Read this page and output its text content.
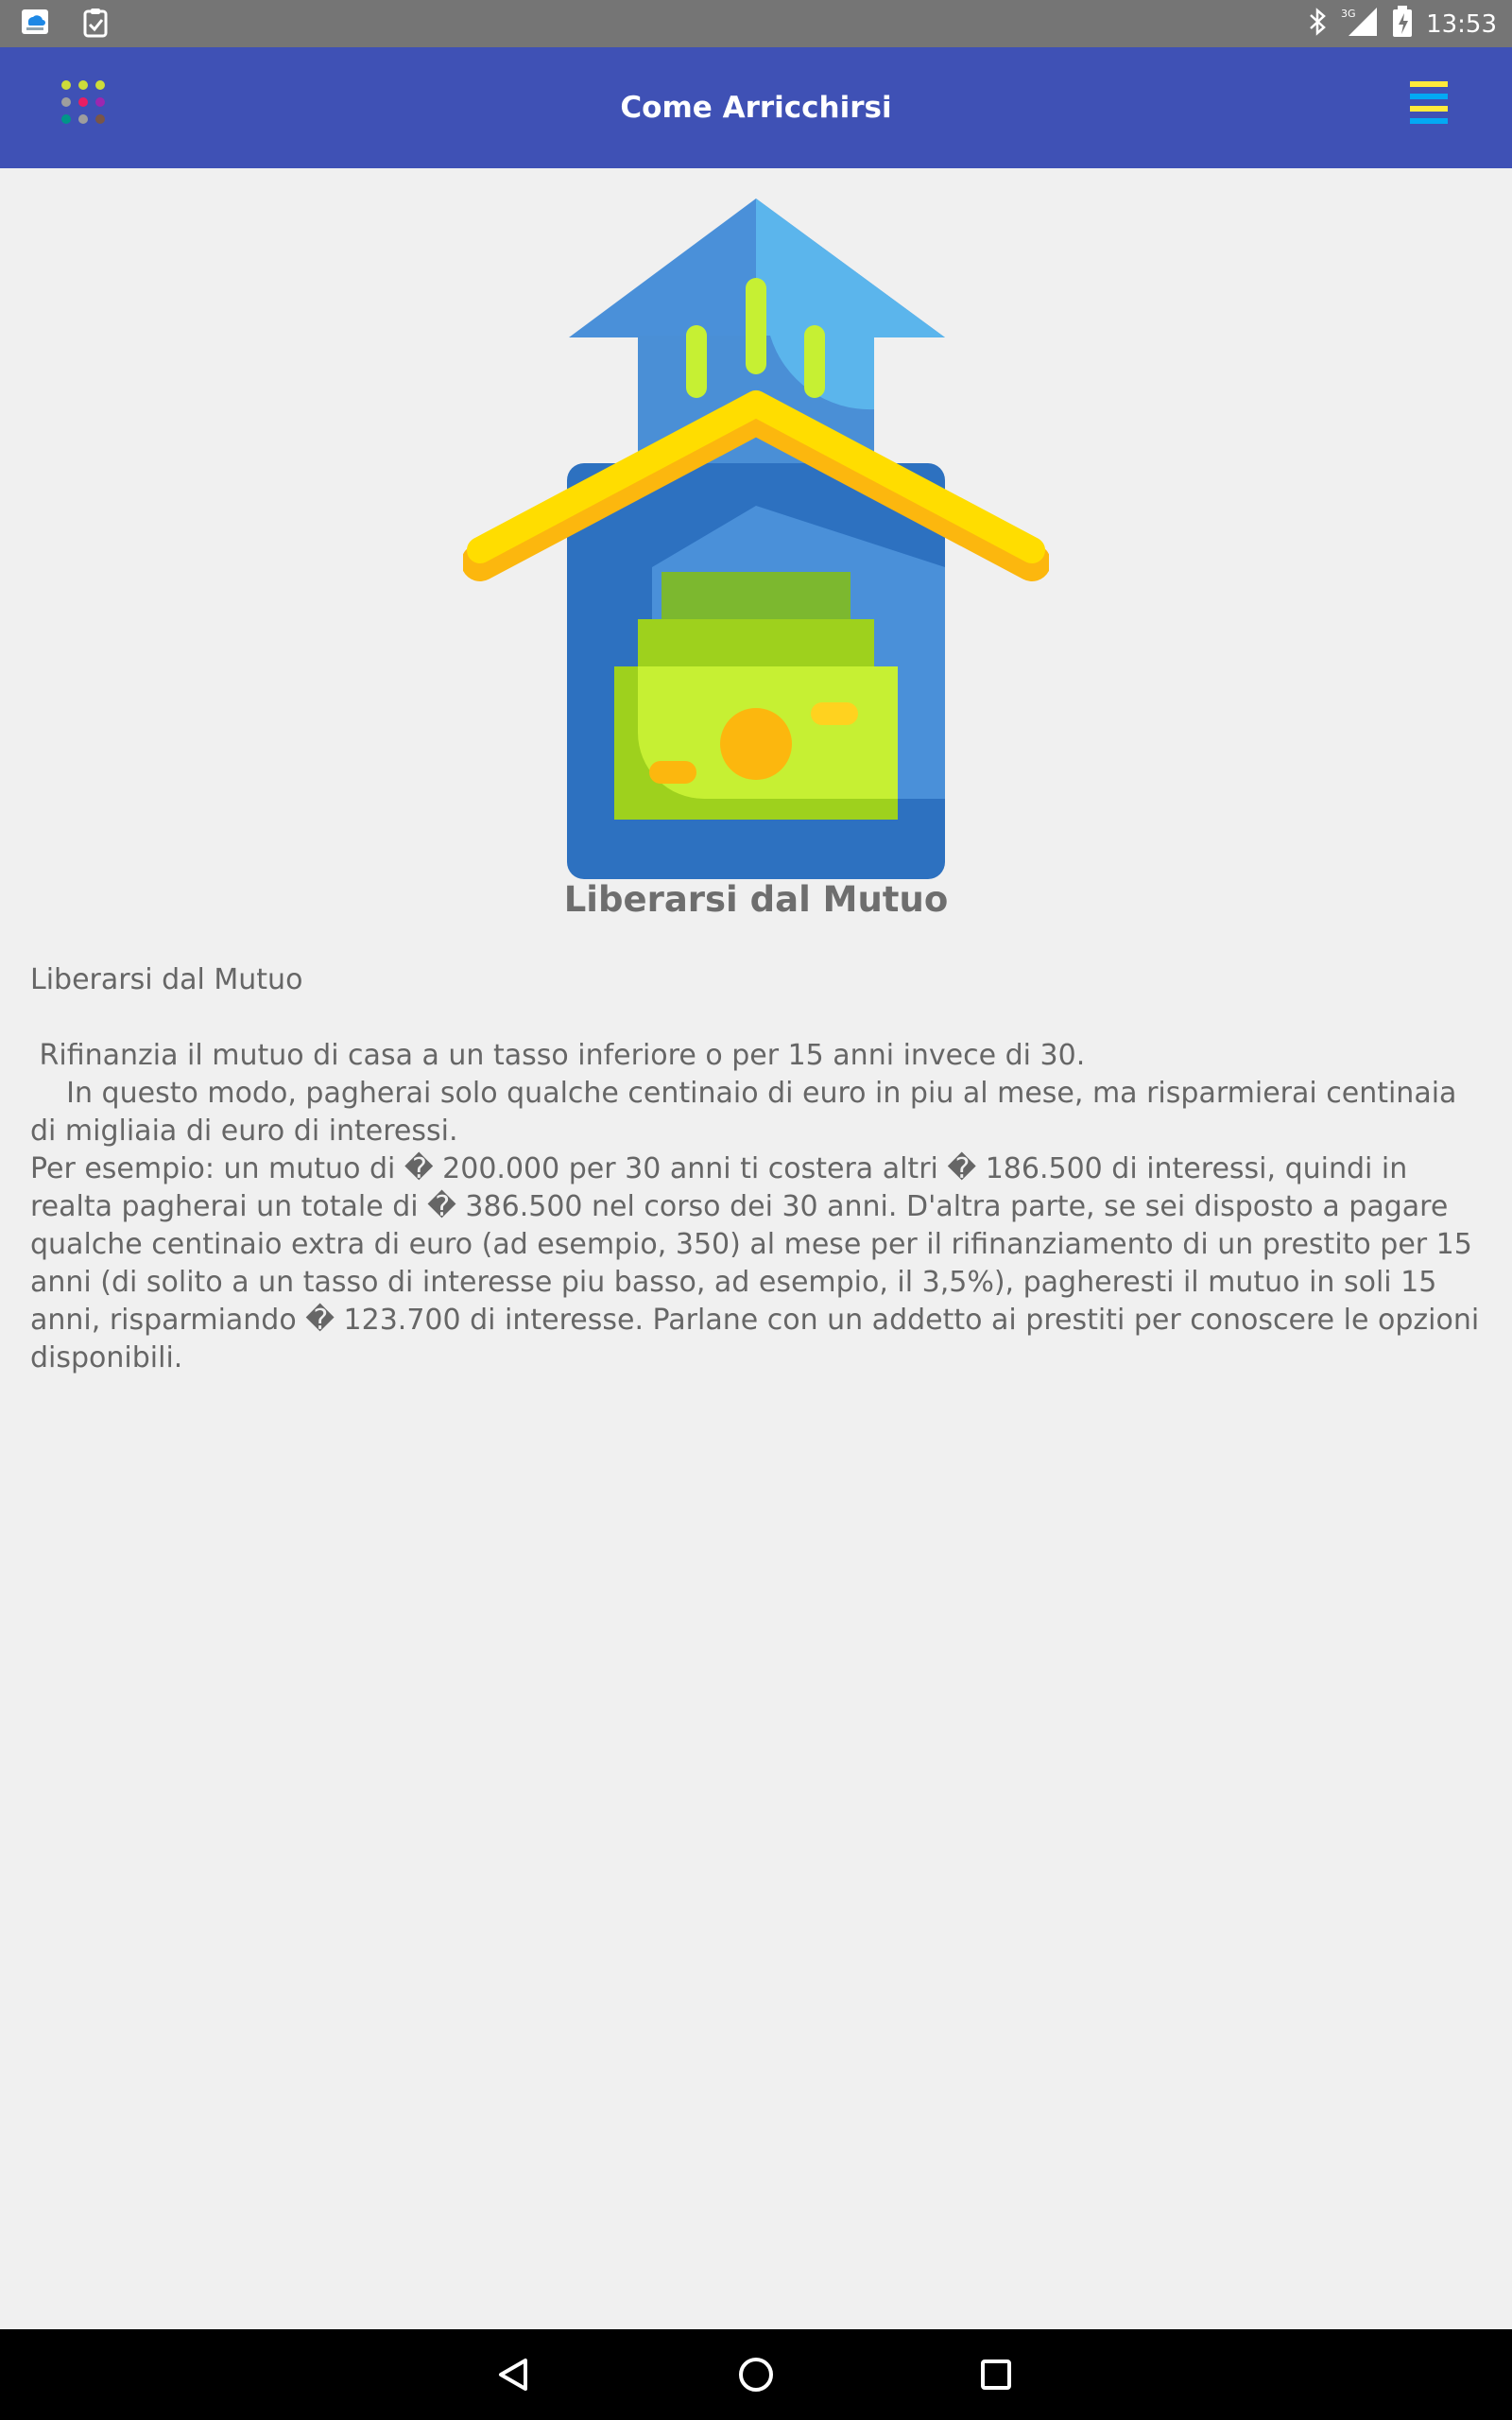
3G	13:53
Come Arricchirsi
Liberarsi dal Mutuo
Liberarsi dal Mutuo

Rifinanzia il mutuo di casa a un tasso inferiore o per 15 anni invece di 30.
In questo modo, pagherai solo qualche centinaio di euro in piu al mese, ma risparmierai centinaia di migliaia di euro di interessi.
Per esempio: un mutuo di � 200.000 per 30 anni ti costera altri � 186.500 di interessi, quindi in realta pagherai un totale di � 386.500 nel corso dei 30 anni. D'altra parte, se sei disposto a pagare qualche centinaio extra di euro (ad esempio, 350) al mese per il rifinanziamento di un prestito per 15 anni (di solito a un tasso di interesse piu basso, ad esempio, il 3,5%), pagheresti il mutuo in soli 15 anni, risparmiando � 123.700 di interesse. Parlane con un addetto ai prestiti per conoscere le opzioni disponibili.
